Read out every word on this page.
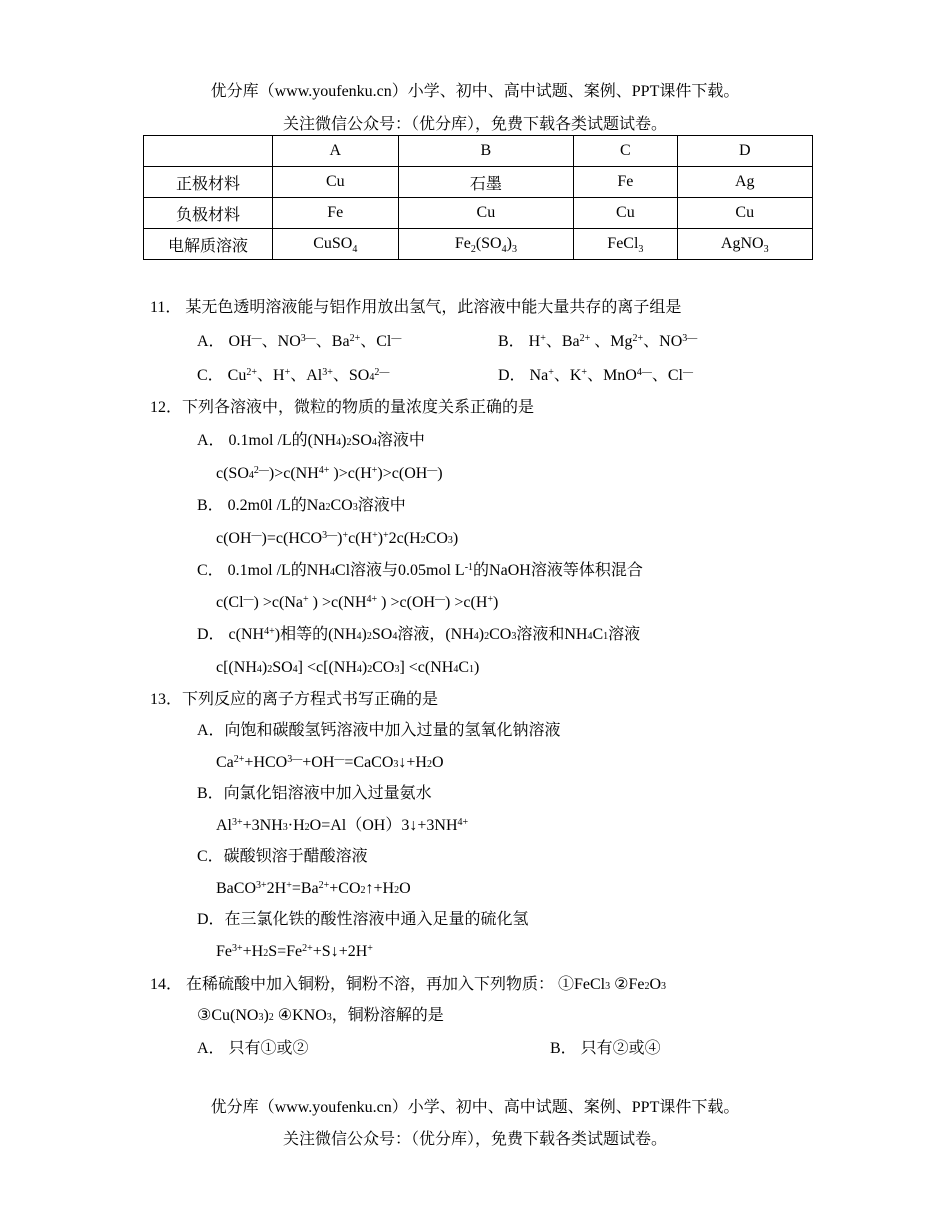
优分库（www.youfenku.cn）小学、初中、高中试题、案例、PPT课件下载。
关注微信公众号：（优分库），免费下载各类试题试卷。
	A	B	C	D
正极材料	Cu	石墨	Fe	Ag
负极材料	Fe	Cu	Cu	Cu
电解质溶液	CuSO$_4$	$Fe_2(SO_4)_3$	FeCl$_3$	AgNO$_3$
11． 某无色透明溶液能与铝作用放出氢气，此溶液中能大量共存的离子组是
A． OH—、$NO^{3—}$、$Ba^{2+}$、Cl—	B． H+、$Ba^{2+}$ 、$Mg^{2+}$、$NO^{3—}$
C． $Cu^{2+}$、H+、$Al^{3+}$、$SO_4^{2—}$	D． Na+、K+、MnO$^{4—}$、Cl—
12．下列各溶液中，微粒的物质的量浓度关系正确的是
A． 0.1mol /L的$(NH_4)_2SO_4$溶液中
$c(SO_4^{2—})>c(NH^{4+}$ )>c(H+)>c(OH—)
B． 0.2m0l /L的$Na_2CO_3$溶液中
$c(OH^—)=c(HCO^{3—})^+c(H^+)^+2c(H_2CO_3)$
C． 0.1mol /L的$NH_4Cl$溶液与0.05mol $L^{-1}$的NaOH溶液等体积混合
c(Cl—) >c(Na+ ) $>c(NH^{4+}$ ) >c(OH—) >c(H+)
D． $c(NH^{4+})$相等的$(NH_4)_2SO_4$溶液，$(NH_4)_2CO_3$溶液和$NH_4C_1$溶液
$c[(NH_4)_2SO_4] <c[(NH_4)_2CO_3] <c(NH_4C_1)$
13．下列反应的离子方程式书写正确的是
A．向饱和碳酸氢钙溶液中加入过量的氢氧化钠溶液
$Ca^{2+}+HCO^{3—}+OH^—=CaCO_3↓+H_2O$
B．向氯化铝溶液中加入过量氨水
$Al^{3+}+3NH_3\cdot H_2O=Al(OH)3↓+3NH^{4+}$
C．碳酸钡溶于醋酸溶液
$BaCO^{3+}2H^+=Ba^{2+}+CO_2↑+H_2O$
D．在三氯化铁的酸性溶液中通入足量的硫化氢
$Fe^{3+}+H_2S=Fe^{2+}+S↓+2H^+$
14． 在稀硫酸中加入铜粉，铜粉不溶，再加入下列物质： ①FeCl$_3$ $②Fe_2O_3$
$③Cu(NO_3)_2$ $④KNO_3$，铜粉溶解的是
A． 只有①或②	B． 只有②或④
优分库（www.youfenku.cn）小学、初中、高中试题、案例、PPT课件下载。
关注微信公众号：（优分库），免费下载各类试题试卷。
